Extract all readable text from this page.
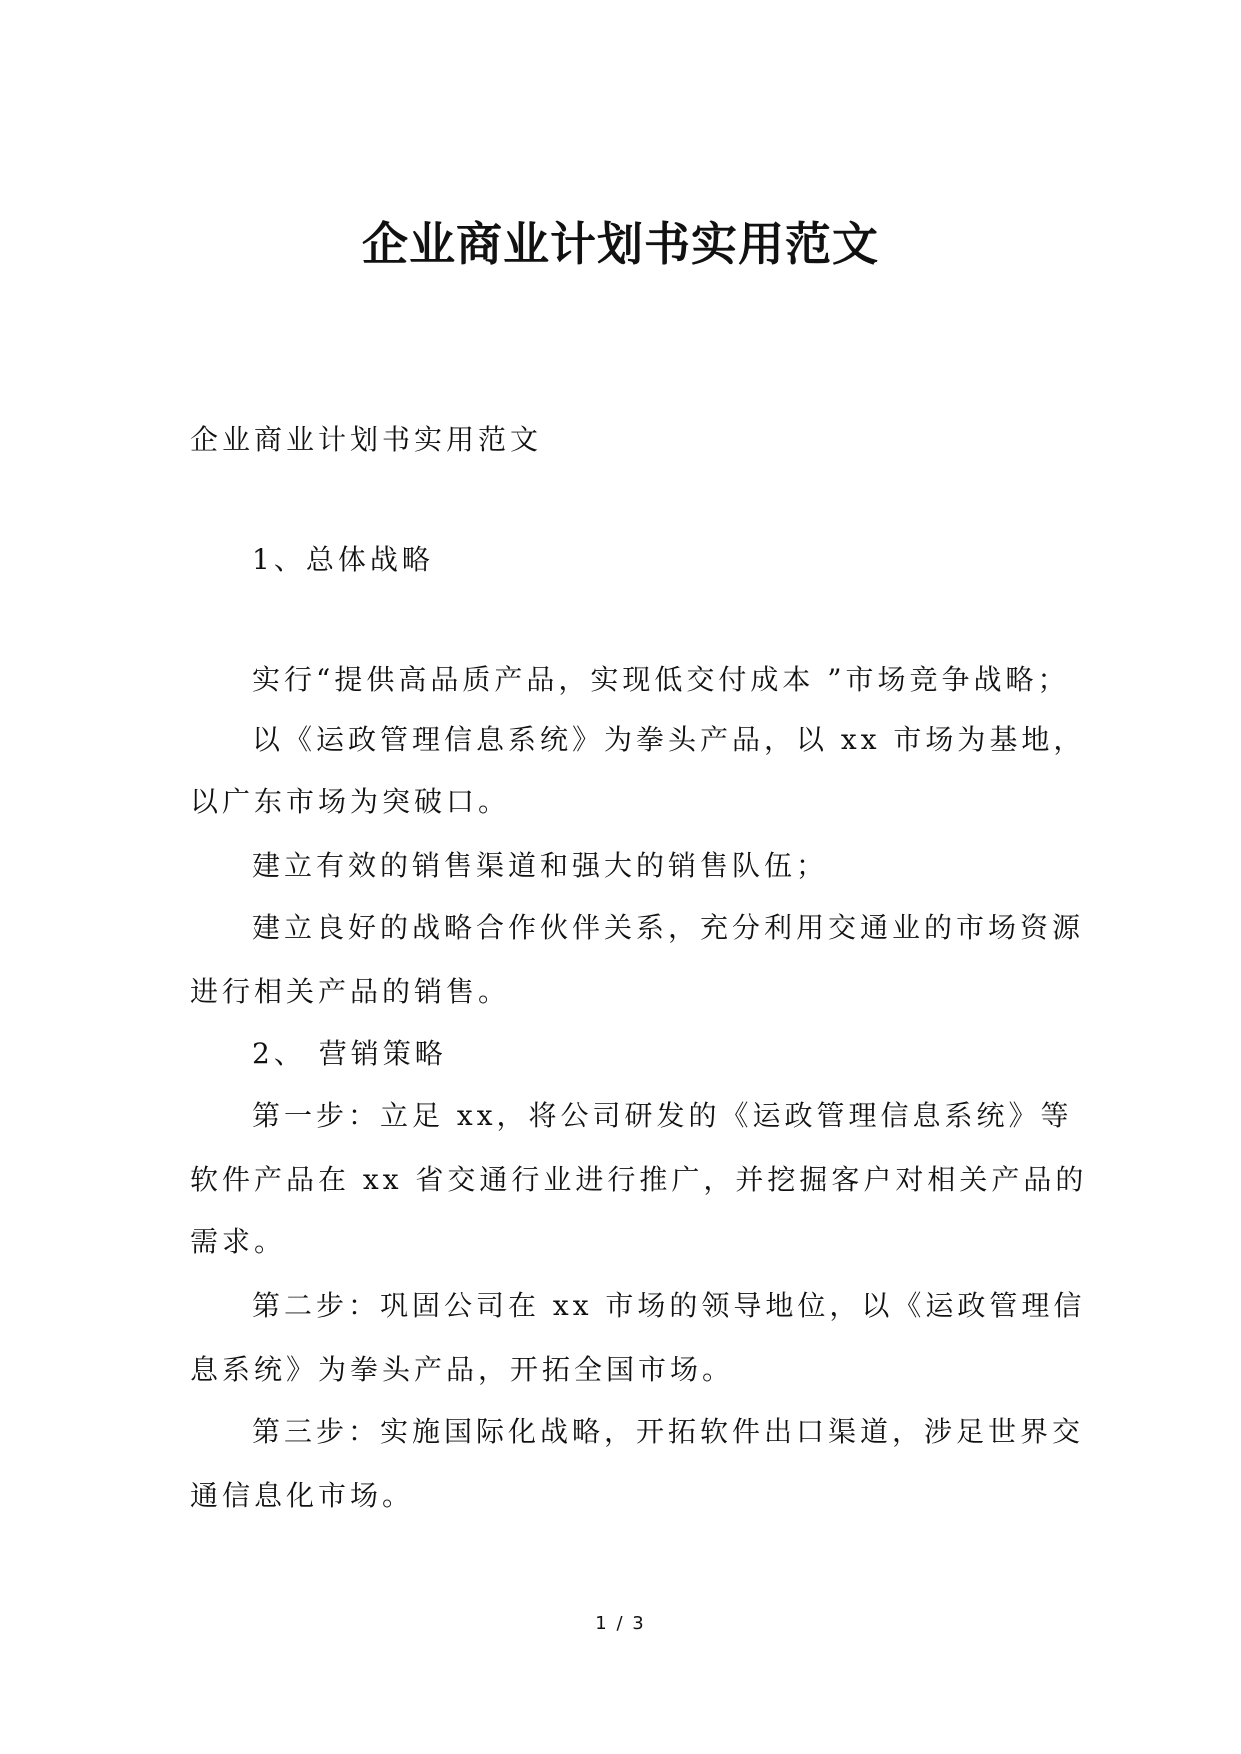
企业商业计划书实用范文

企业商业计划书实用范文

1、总体战略

实行“提供高品质产品，实现低交付成本 ”市场竞争战略；

以《运政管理信息系统》为拳头产品，以 xx 市场为基地，

以广东市场为突破口。

建立有效的销售渠道和强大的销售队伍；

建立良好的战略合作伙伴关系，充分利用交通业的市场资源

进行相关产品的销售。

2、 营销策略

第一步：立足 xx，将公司研发的《运政管理信息系统》等

软件产品在 xx 省交通行业进行推广，并挖掘客户对相关产品的

需求。

第二步：巩固公司在 xx 市场的领导地位，以《运政管理信

息系统》为拳头产品，开拓全国市场。

第三步：实施国际化战略，开拓软件出口渠道，涉足世界交

通信息化市场。

1 / 3
